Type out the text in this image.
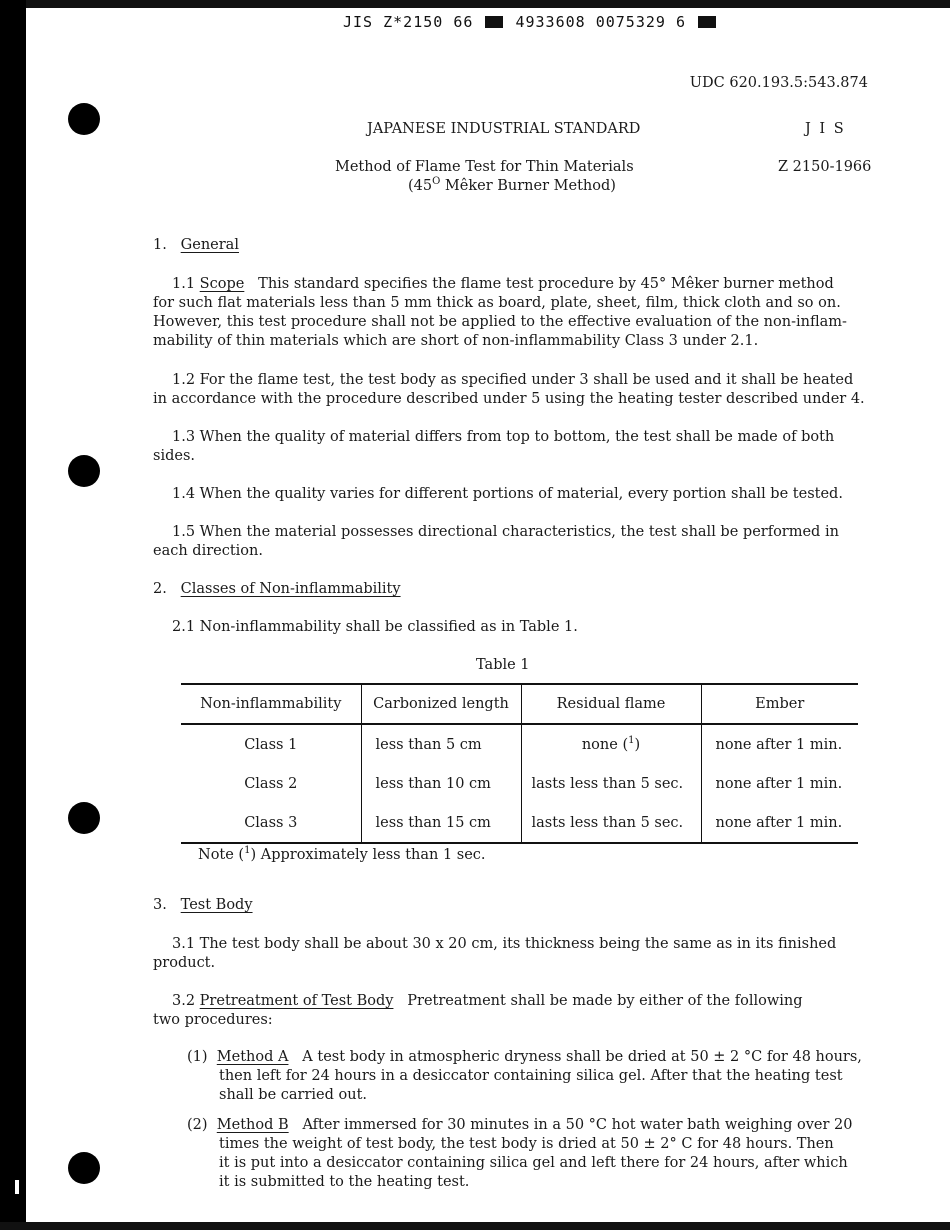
JIS Z*2150 66	4933608 0075329 6
UDC 620.193.5:543.874
JAPANESE INDUSTRIAL STANDARD	J I S
Method of Flame Test for Thin Materials	Z 2150-1966
($45^O$ Mêker Burner Method)
1. General
1.1 Scope This standard specifies the flame test procedure by 45° Mêker burner method
for such flat materials less than 5 mm thick as board, plate, sheet, film, thick cloth and so on.
However, this test procedure shall not be applied to the effective evaluation of the non-inflam-
mability of thin materials which are short of non-inflammability Class 3 under 2.1.
1.2 For the flame test, the test body as specified under 3 shall be used and it shall be heated
in accordance with the procedure described under 5 using the heating tester described under 4.
1.3 When the quality of material differs from top to bottom, the test shall be made of both
sides.
1.4 When the quality varies for different portions of material, every portion shall be tested.
1.5 When the material possesses directional characteristics, the test shall be performed in
each direction.
2. Classes of Non-inflammability
2.1 Non-inflammability shall be classified as in Table 1.
Table 1
Non-inflammability	Carbonized length	Residual flame	Ember
Class 1	less than 5 cm	none ($^1$)	none after 1 min.
Class 2	less than 10 cm	lasts less than 5 sec.	none after 1 min.
Class 3	less than 15 cm	lasts less than 5 sec.	none after 1 min.
Note ($^1$) Approximately less than 1 sec.
3. Test Body
3.1 The test body shall be about 30 x 20 cm, its thickness being the same as in its finished
product.
3.2 Pretreatment of Test Body Pretreatment shall be made by either of the following
two procedures:
(1) Method A A test body in atmospheric dryness shall be dried at 50 ± 2 °C for 48 hours,
then left for 24 hours in a desiccator containing silica gel. After that the heating test
shall be carried out.
(2) Method B After immersed for 30 minutes in a 50 °C hot water bath weighing over 20
times the weight of test body, the test body is dried at 50 ± 2° C for 48 hours. Then
it is put into a desiccator containing silica gel and left there for 24 hours, after which
it is submitted to the heating test.
